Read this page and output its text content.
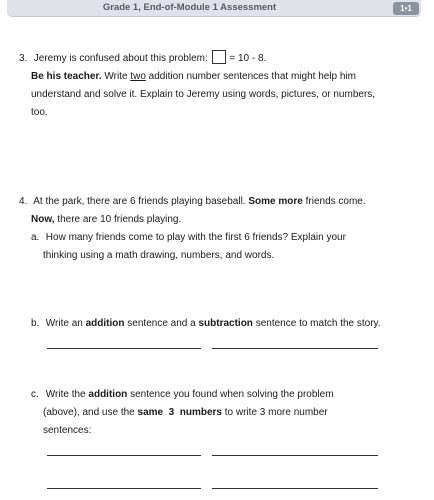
Grade 1, End-of-Module 1 Assessment	1•1
3. Jeremy is confused about this problem: = 10 - 8.
Be his teacher. Write two addition number sentences that might help him
understand and solve it. Explain to Jeremy using words, pictures, or numbers,
too.
4. At the park, there are 6 friends playing baseball. Some more friends come.
Now, there are 10 friends playing.
a. How many friends come to play with the first 6 friends? Explain your
thinking using a math drawing, numbers, and words.
b. Write an addition sentence and a subtraction sentence to match the story.
c. Write the addition sentence you found when solving the problem
(above), and use the same  3  numbers to write 3 more number
sentences:
